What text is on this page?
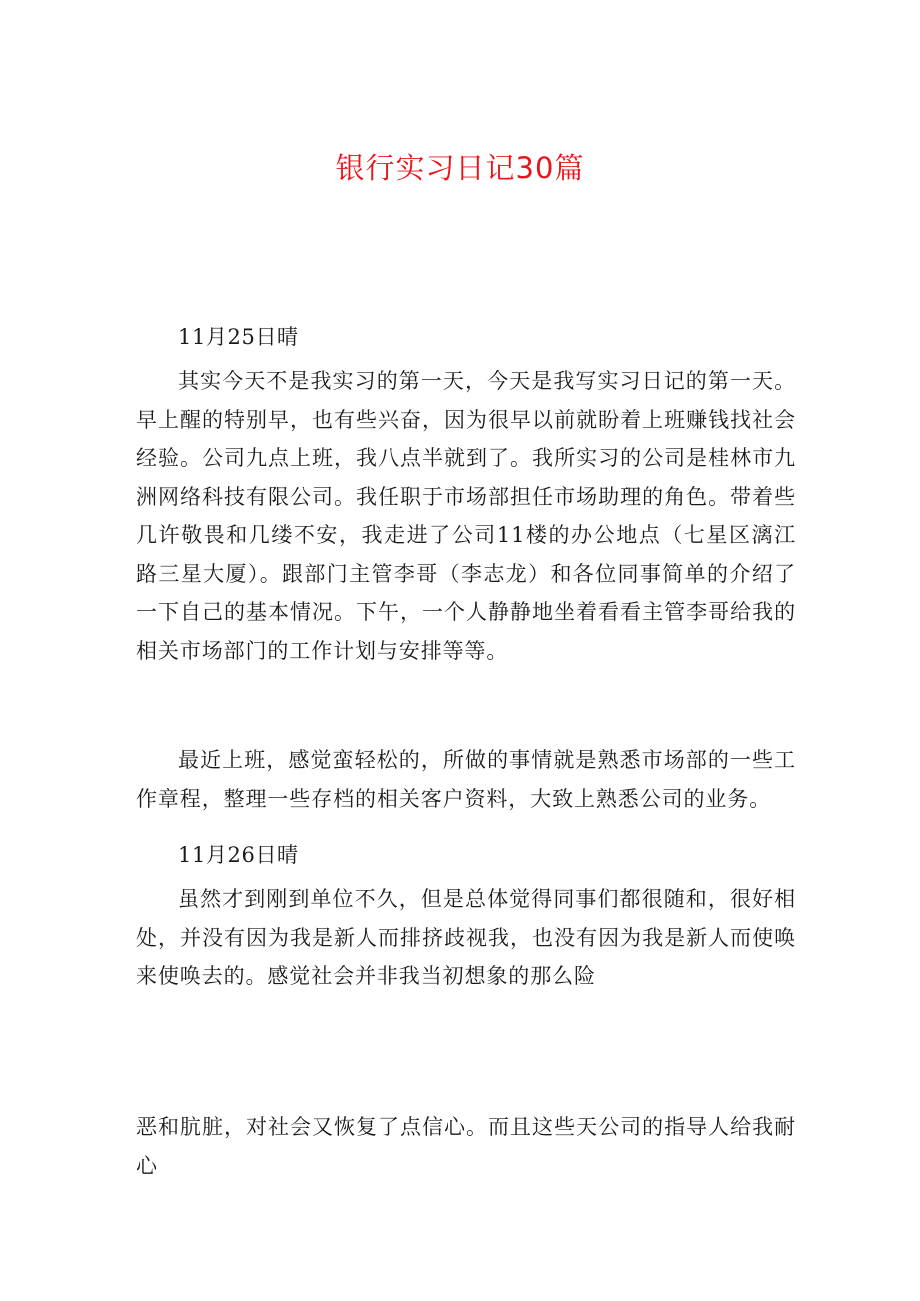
银行实习日记30篇
11月25日晴

其实今天不是我实习的第一天，今天是我写实习日记的第一天。早上醒的特别早，也有些兴奋，因为很早以前就盼着上班赚钱找社会经验。公司九点上班，我八点半就到了。我所实习的公司是桂林市九洲网络科技有限公司。我任职于市场部担任市场助理的角色。带着些几许敬畏和几缕不安，我走进了公司11楼的办公地点（七星区漓江路三星大厦）。跟部门主管李哥（李志龙）和各位同事简单的介绍了一下自己的基本情况。下午，一个人静静地坐着看看主管李哥给我的相关市场部门的工作计划与安排等等。

最近上班，感觉蛮轻松的，所做的事情就是熟悉市场部的一些工作章程，整理一些存档的相关客户资料，大致上熟悉公司的业务。

11月26日晴

虽然才到刚到单位不久，但是总体觉得同事们都很随和，很好相处，并没有因为我是新人而排挤歧视我，也没有因为我是新人而使唤来使唤去的。感觉社会并非我当初想象的那么险

恶和肮脏，对社会又恢复了点信心。而且这些天公司的指导人给我耐心
